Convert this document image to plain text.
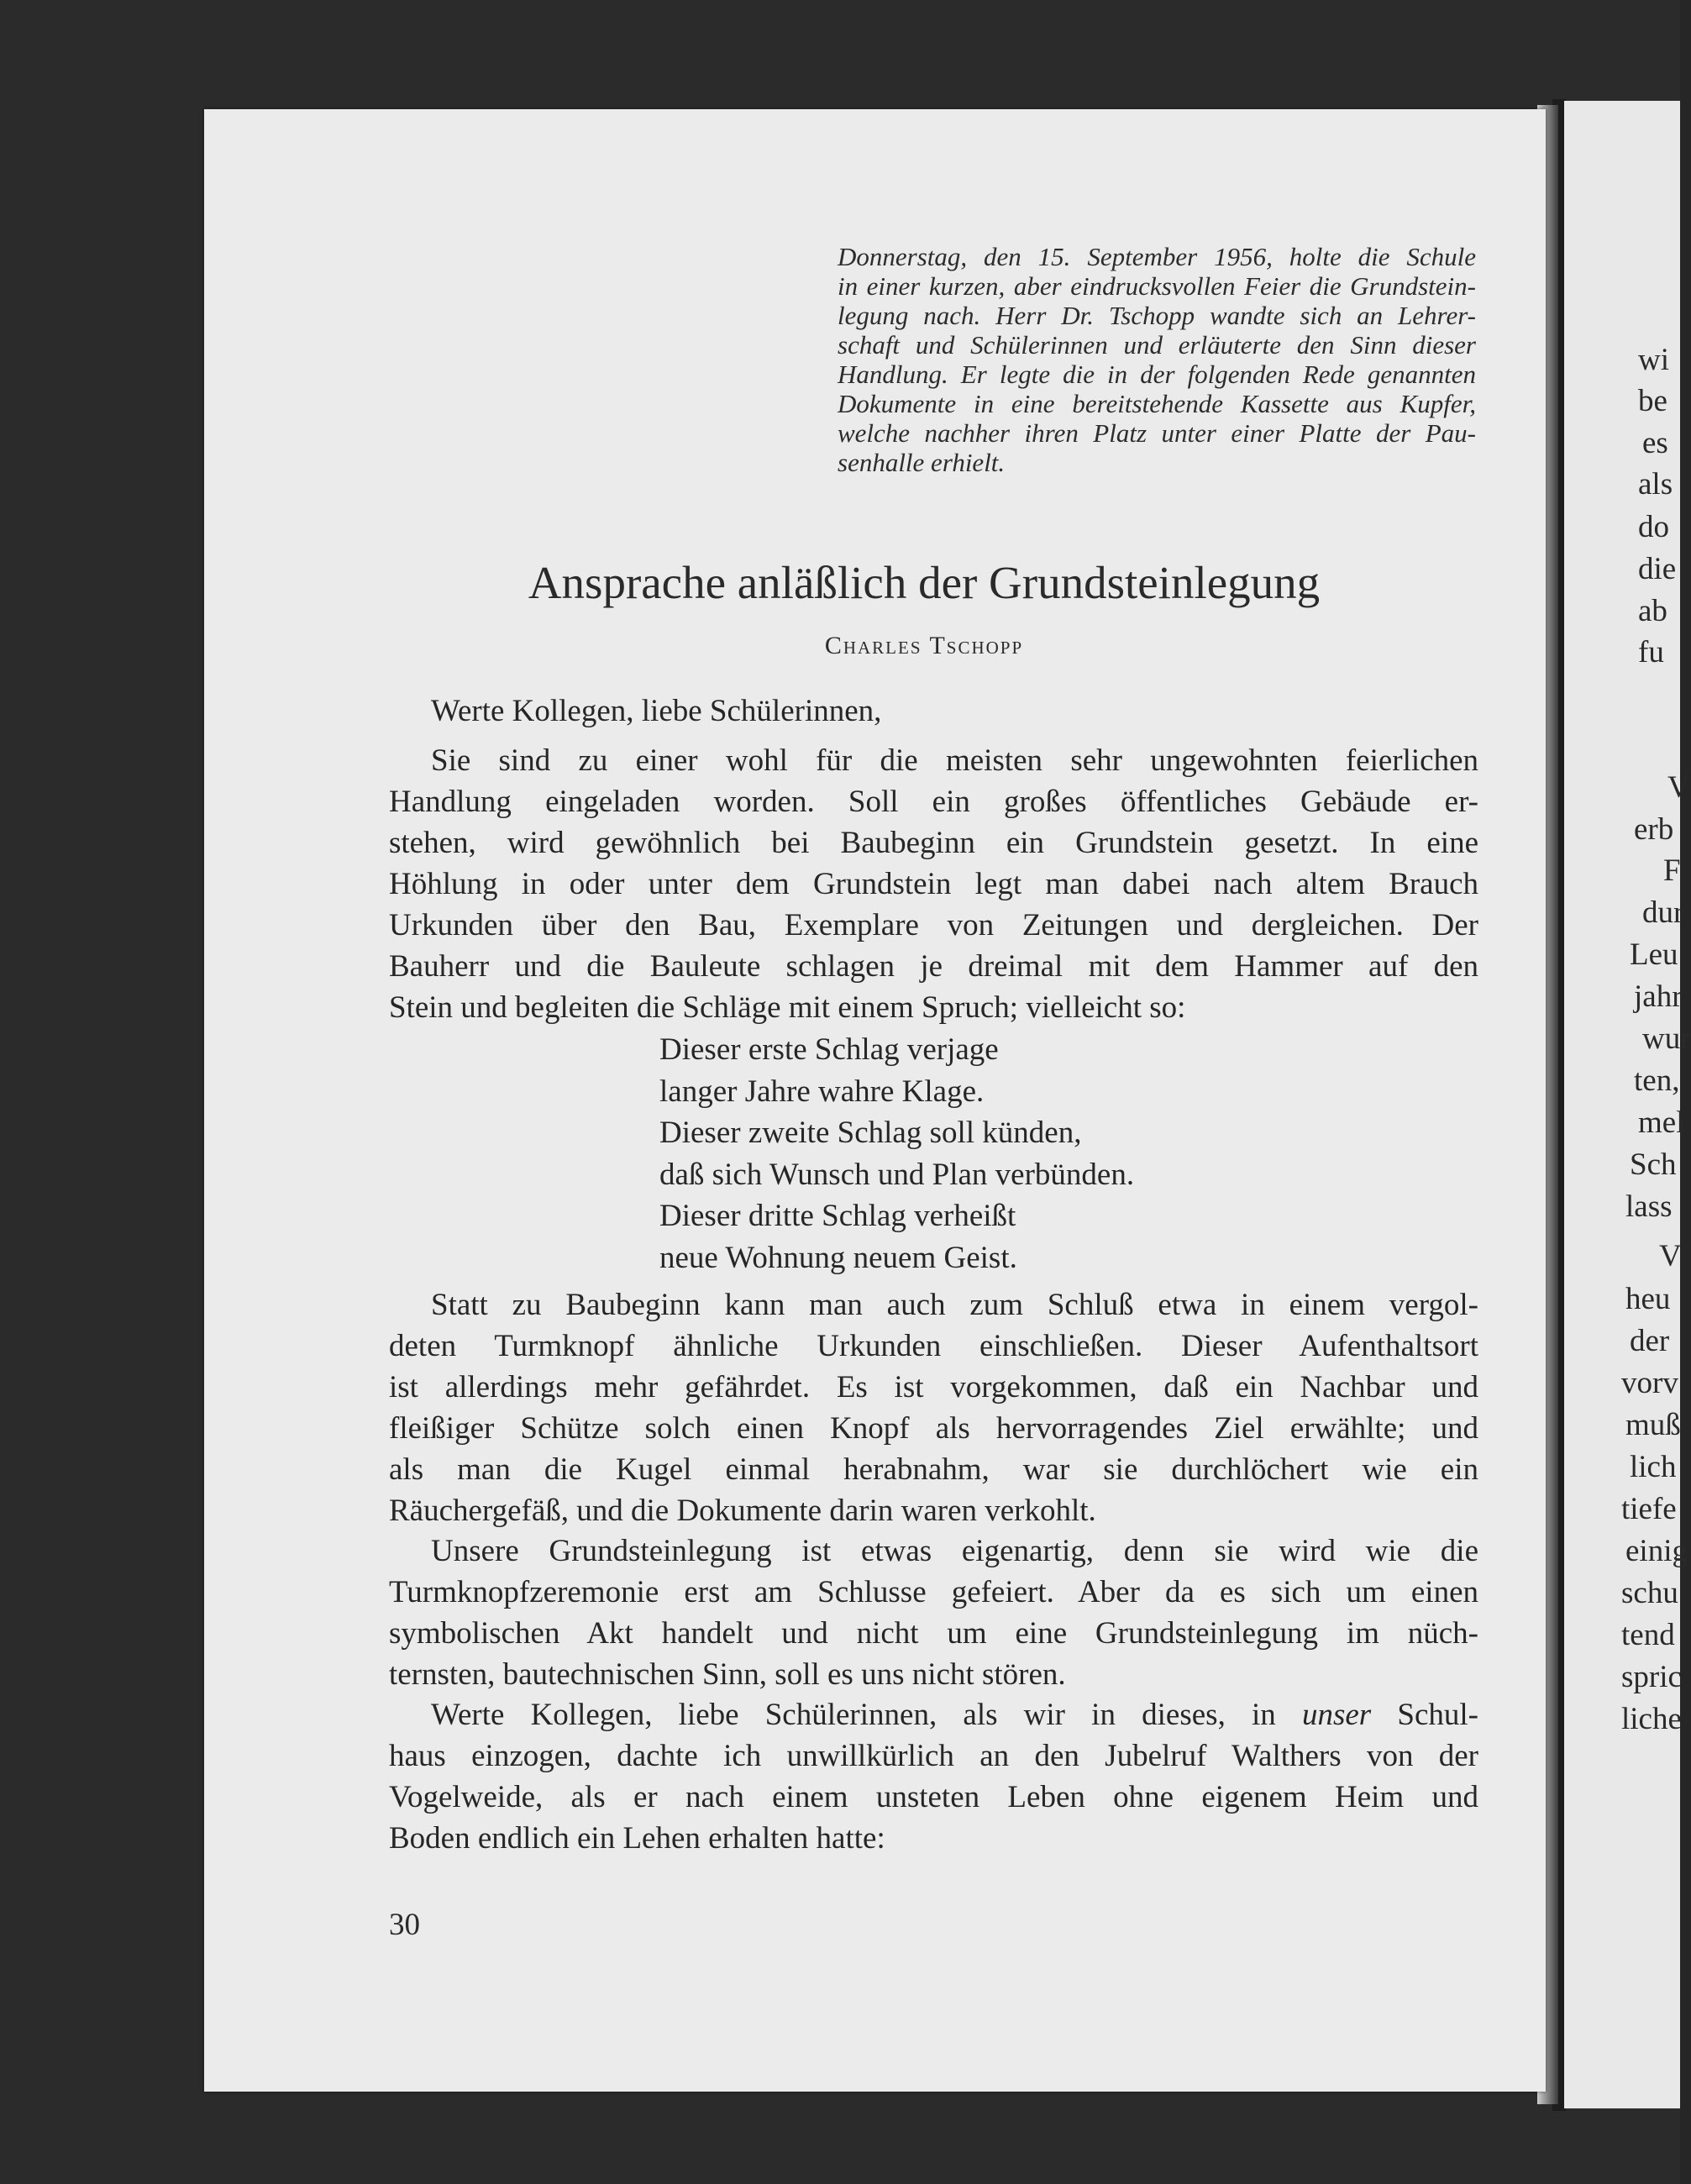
wi
be
es
als
do
die
ab
fu
V
erb
F
dur
Leu
jahr
wur
ten,
mel
Sch
lass
V
heu
der
vorv
muß
lich
tiefe
einig
schu
tend
spric
liche
Donnerstag, den 15. September 1956, holte die Schule
in einer kurzen, aber eindrucksvollen Feier die Grundstein-
legung nach. Herr Dr. Tschopp wandte sich an Lehrer-
schaft und Schülerinnen und erläuterte den Sinn dieser
Handlung. Er legte die in der folgenden Rede genannten
Dokumente in eine bereitstehende Kassette aus Kupfer,
welche nachher ihren Platz unter einer Platte der Pau-
senhalle erhielt.
Ansprache anläßlich der Grundsteinlegung
Charles Tschopp
Werte Kollegen, liebe Schülerinnen,
Sie sind zu einer wohl für die meisten sehr ungewohnten feierlichen
Handlung eingeladen worden. Soll ein großes öffentliches Gebäude er-
stehen, wird gewöhnlich bei Baubeginn ein Grundstein gesetzt. In eine
Höhlung in oder unter dem Grundstein legt man dabei nach altem Brauch
Urkunden über den Bau, Exemplare von Zeitungen und dergleichen. Der
Bauherr und die Bauleute schlagen je dreimal mit dem Hammer auf den
Stein und begleiten die Schläge mit einem Spruch; vielleicht so:
Dieser erste Schlag verjage
langer Jahre wahre Klage.
Dieser zweite Schlag soll künden,
daß sich Wunsch und Plan verbünden.
Dieser dritte Schlag verheißt
neue Wohnung neuem Geist.
Statt zu Baubeginn kann man auch zum Schluß etwa in einem vergol-
deten Turmknopf ähnliche Urkunden einschließen. Dieser Aufenthaltsort
ist allerdings mehr gefährdet. Es ist vorgekommen, daß ein Nachbar und
fleißiger Schütze solch einen Knopf als hervorragendes Ziel erwählte; und
als man die Kugel einmal herabnahm, war sie durchlöchert wie ein
Räuchergefäß, und die Dokumente darin waren verkohlt.
Unsere Grundsteinlegung ist etwas eigenartig, denn sie wird wie die
Turmknopfzeremonie erst am Schlusse gefeiert. Aber da es sich um einen
symbolischen Akt handelt und nicht um eine Grundsteinlegung im nüch-
ternsten, bautechnischen Sinn, soll es uns nicht stören.
Werte Kollegen, liebe Schülerinnen, als wir in dieses, in unser Schul-
haus einzogen, dachte ich unwillkürlich an den Jubelruf Walthers von der
Vogelweide, als er nach einem unsteten Leben ohne eigenem Heim und
Boden endlich ein Lehen erhalten hatte:
30
